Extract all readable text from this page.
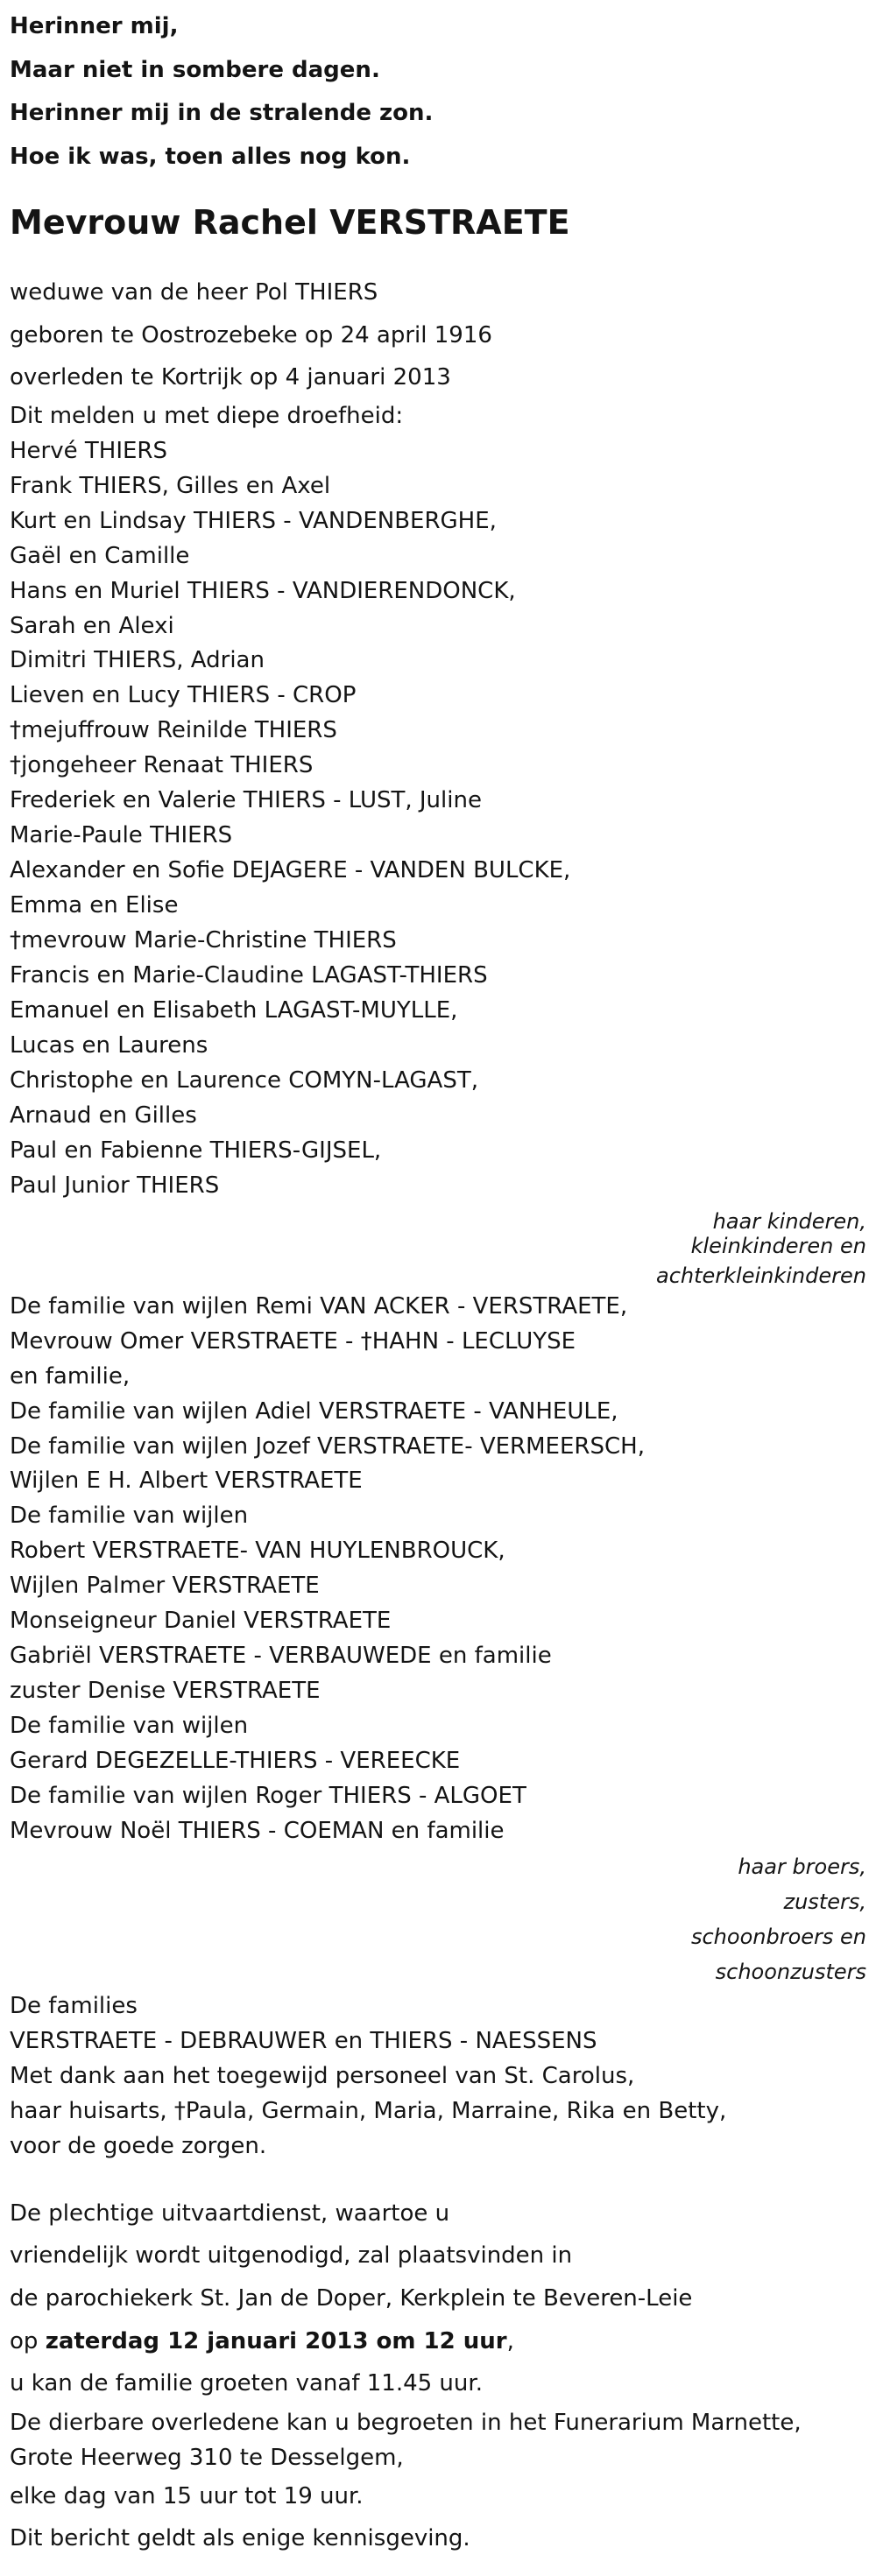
Herinner mij,

Maar niet in sombere dagen.

Herinner mij in de stralende zon.

Hoe ik was, toen alles nog kon.

Mevrouw Rachel VERSTRAETE
weduwe van de heer Pol THIERS
geboren te Oostrozebeke op 24 april 1916
overleden te Kortrijk op 4 januari 2013
Dit melden u met diepe droefheid:
Hervé THIERS
Frank THIERS, Gilles en Axel
Kurt en Lindsay THIERS - VANDENBERGHE,
Gaël en Camille
Hans en Muriel THIERS - VANDIERENDONCK,
Sarah en Alexi
Dimitri THIERS, Adrian
Lieven en Lucy THIERS - CROP
†mejuffrouw Reinilde THIERS
†jongeheer Renaat THIERS
Frederiek en Valerie THIERS - LUST, Juline
Marie-Paule THIERS
Alexander en Sofie DEJAGERE - VANDEN BULCKE,
Emma en Elise
†mevrouw Marie-Christine THIERS
Francis en Marie-Claudine LAGAST-THIERS
Emanuel en Elisabeth LAGAST-MUYLLE,
Lucas en Laurens
Christophe en Laurence COMYN-LAGAST,
Arnaud en Gilles
Paul en Fabienne THIERS-GIJSEL,
Paul Junior THIERS
haar kinderen,
kleinkinderen en
achterkleinkinderen
De familie van wijlen Remi VAN ACKER - VERSTRAETE,
Mevrouw Omer VERSTRAETE - †HAHN - LECLUYSE
en familie,
De familie van wijlen Adiel VERSTRAETE - VANHEULE,
De familie van wijlen Jozef VERSTRAETE- VERMEERSCH,
Wijlen E H. Albert VERSTRAETE
De familie van wijlen
Robert VERSTRAETE- VAN HUYLENBROUCK,
Wijlen Palmer VERSTRAETE
Monseigneur Daniel VERSTRAETE
Gabriël VERSTRAETE - VERBAUWEDE en familie
zuster Denise VERSTRAETE
De familie van wijlen
Gerard DEGEZELLE-THIERS - VEREECKE
De familie van wijlen Roger THIERS - ALGOET
Mevrouw Noël THIERS - COEMAN en familie
haar broers,
zusters,
schoonbroers en
schoonzusters
De families
VERSTRAETE - DEBRAUWER en THIERS - NAESSENS
Met dank aan het toegewijd personeel van St. Carolus,
haar huisarts, †Paula, Germain, Maria, Marraine, Rika en Betty,
voor de goede zorgen.
De plechtige uitvaartdienst, waartoe u
vriendelijk wordt uitgenodigd, zal plaatsvinden in
de parochiekerk St. Jan de Doper, Kerkplein te Beveren-Leie
op zaterdag 12 januari 2013 om 12 uur,
u kan de familie groeten vanaf 11.45 uur.
De dierbare overledene kan u begroeten in het Funerarium Marnette,
Grote Heerweg 310 te Desselgem,
elke dag van 15 uur tot 19 uur.
Dit bericht geldt als enige kennisgeving.
